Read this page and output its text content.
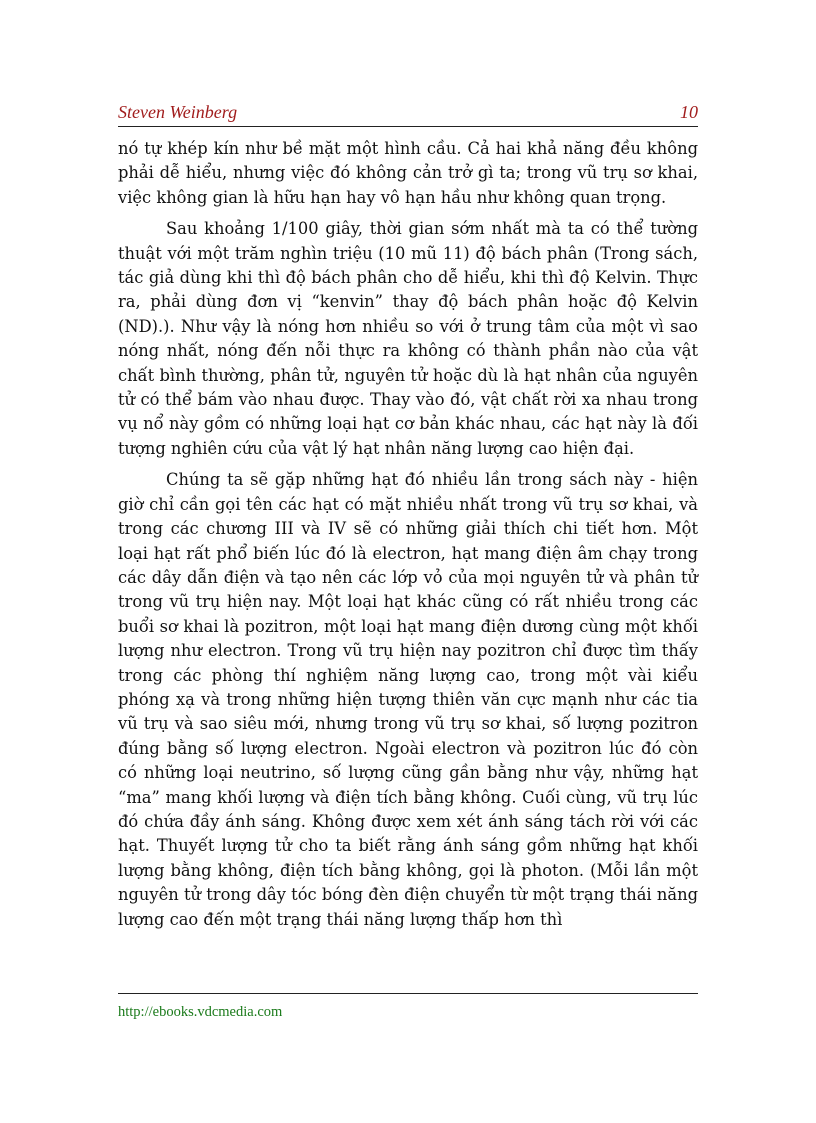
Steven Weinberg	10

nó tự khép kín như bề mặt một hình cầu. Cả hai khả năng đều không phải dễ hiểu, nhưng việc đó không cản trở gì ta; trong vũ trụ sơ khai, việc không gian là hữu hạn hay vô hạn hầu như không quan trọng.

Sau khoảng 1/100 giây, thời gian sớm nhất mà ta có thể tường thuật với một trăm nghìn triệu (10 mũ 11) độ bách phân (Trong sách, tác giả dùng khi thì độ bách phân cho dễ hiểu, khi thì độ Kelvin. Thực ra, phải dùng đơn vị “kenvin” thay độ bách phân hoặc độ Kelvin (ND).). Như vậy là nóng hơn nhiều so với ở trung tâm của một vì sao nóng nhất, nóng đến nỗi thực ra không có thành phần nào của vật chất bình thường, phân tử, nguyên tử hoặc dù là hạt nhân của nguyên tử có thể bám vào nhau được. Thay vào đó, vật chất rời xa nhau trong vụ nổ này gồm có những loại hạt cơ bản khác nhau, các hạt này là đối tượng nghiên cứu của vật lý hạt nhân năng lượng cao hiện đại.

Chúng ta sẽ gặp những hạt đó nhiều lần trong sách này - hiện giờ chỉ cần gọi tên các hạt có mặt nhiều nhất trong vũ trụ sơ khai, và trong các chương III và IV sẽ có những giải thích chi tiết hơn. Một loại hạt rất phổ biến lúc đó là electron, hạt mang điện âm chạy trong các dây dẫn điện và tạo nên các lớp vỏ của mọi nguyên tử và phân tử trong vũ trụ hiện nay. Một loại hạt khác cũng có rất nhiều trong các buổi sơ khai là pozitron, một loại hạt mang điện dương cùng một khối lượng như electron. Trong vũ trụ hiện nay pozitron chỉ được tìm thấy trong các phòng thí nghiệm năng lượng cao, trong một vài kiểu phóng xạ và trong những hiện tượng thiên văn cực mạnh như các tia vũ trụ và sao siêu mới, nhưng trong vũ trụ sơ khai, số lượng pozitron đúng bằng số lượng electron. Ngoài electron và pozitron lúc đó còn có những loại neutrino, số lượng cũng gần bằng như vậy, những hạt “ma” mang khối lượng và điện tích bằng không. Cuối cùng, vũ trụ lúc đó chứa đầy ánh sáng. Không được xem xét ánh sáng tách rời với các hạt. Thuyết lượng tử cho ta biết rằng ánh sáng gồm những hạt khối lượng bằng không, điện tích bằng không, gọi là photon. (Mỗi lần một nguyên tử trong dây tóc bóng đèn điện chuyển từ một trạng thái năng lượng cao đến một trạng thái năng lượng thấp hơn thì

http://ebooks.vdcmedia.com
